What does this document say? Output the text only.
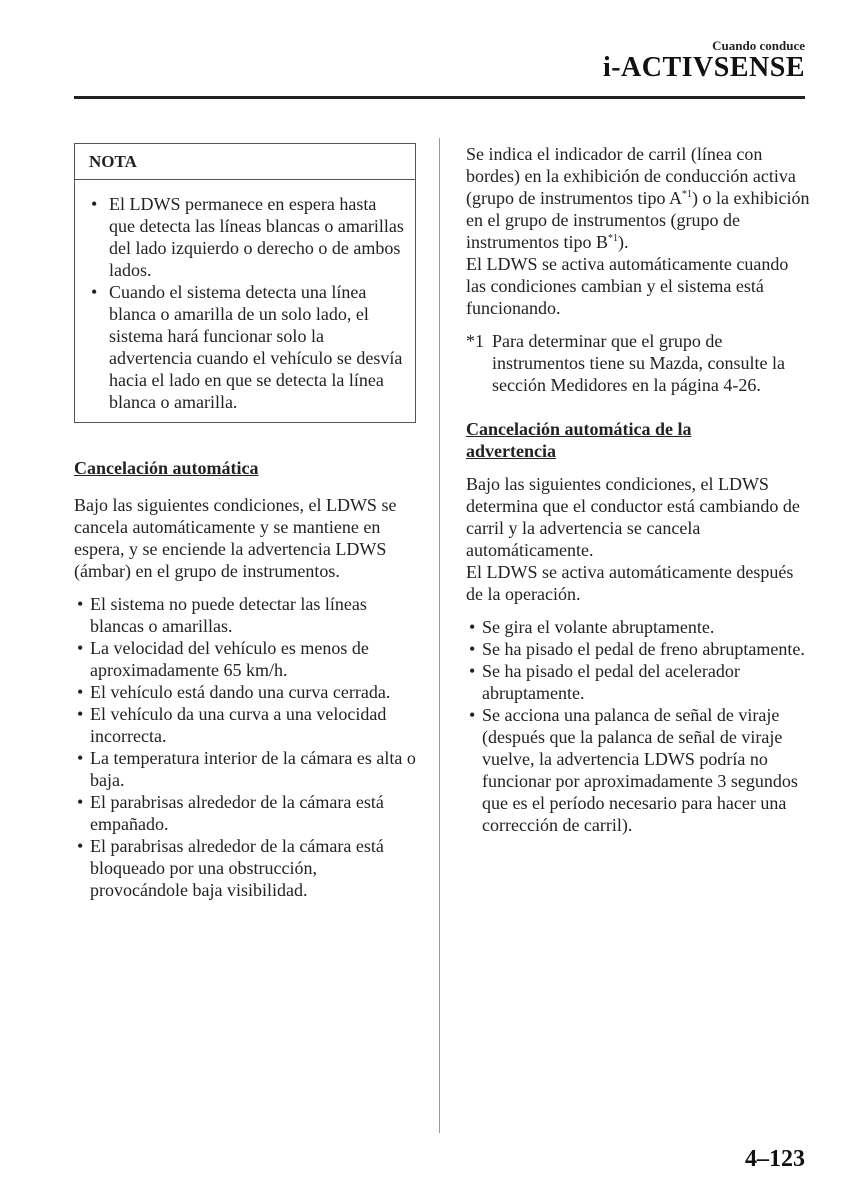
Cuando conduce
i-ACTIVSENSE
NOTA
• El LDWS permanece en espera hasta que detecta las líneas blancas o amarillas del lado izquierdo o derecho o de ambos lados.
• Cuando el sistema detecta una línea blanca o amarilla de un solo lado, el sistema hará funcionar solo la advertencia cuando el vehículo se desvía hacia el lado en que se detecta la línea blanca o amarilla.
Cancelación automática

Bajo las siguientes condiciones, el LDWS se cancela automáticamente y se mantiene en espera, y se enciende la advertencia LDWS (ámbar) en el grupo de instrumentos.

• El sistema no puede detectar las líneas blancas o amarillas.
• La velocidad del vehículo es menos de aproximadamente 65 km/h.
• El vehículo está dando una curva cerrada.
• El vehículo da una curva a una velocidad incorrecta.
• La temperatura interior de la cámara es alta o baja.
• El parabrisas alrededor de la cámara está empañado.
• El parabrisas alrededor de la cámara está bloqueado por una obstrucción, provocándole baja visibilidad.

Se indica el indicador de carril (línea con bordes) en la exhibición de conducción activa (grupo de instrumentos tipo $A^{*1}$) o la exhibición en el grupo de instrumentos (grupo de instrumentos tipo $B^{*1}$).

El LDWS se activa automáticamente cuando las condiciones cambian y el sistema está funcionando.

*1 Para determinar que el grupo de instrumentos tiene su Mazda, consulte la sección Medidores en la página 4-26.
Cancelación automática de la advertencia

Bajo las siguientes condiciones, el LDWS determina que el conductor está cambiando de carril y la advertencia se cancela automáticamente.

El LDWS se activa automáticamente después de la operación.

• Se gira el volante abruptamente.
• Se ha pisado el pedal de freno abruptamente.
• Se ha pisado el pedal del acelerador abruptamente.
• Se acciona una palanca de señal de viraje (después que la palanca de señal de viraje vuelve, la advertencia LDWS podría no funcionar por aproximadamente 3 segundos que es el período necesario para hacer una corrección de carril).
4–123
